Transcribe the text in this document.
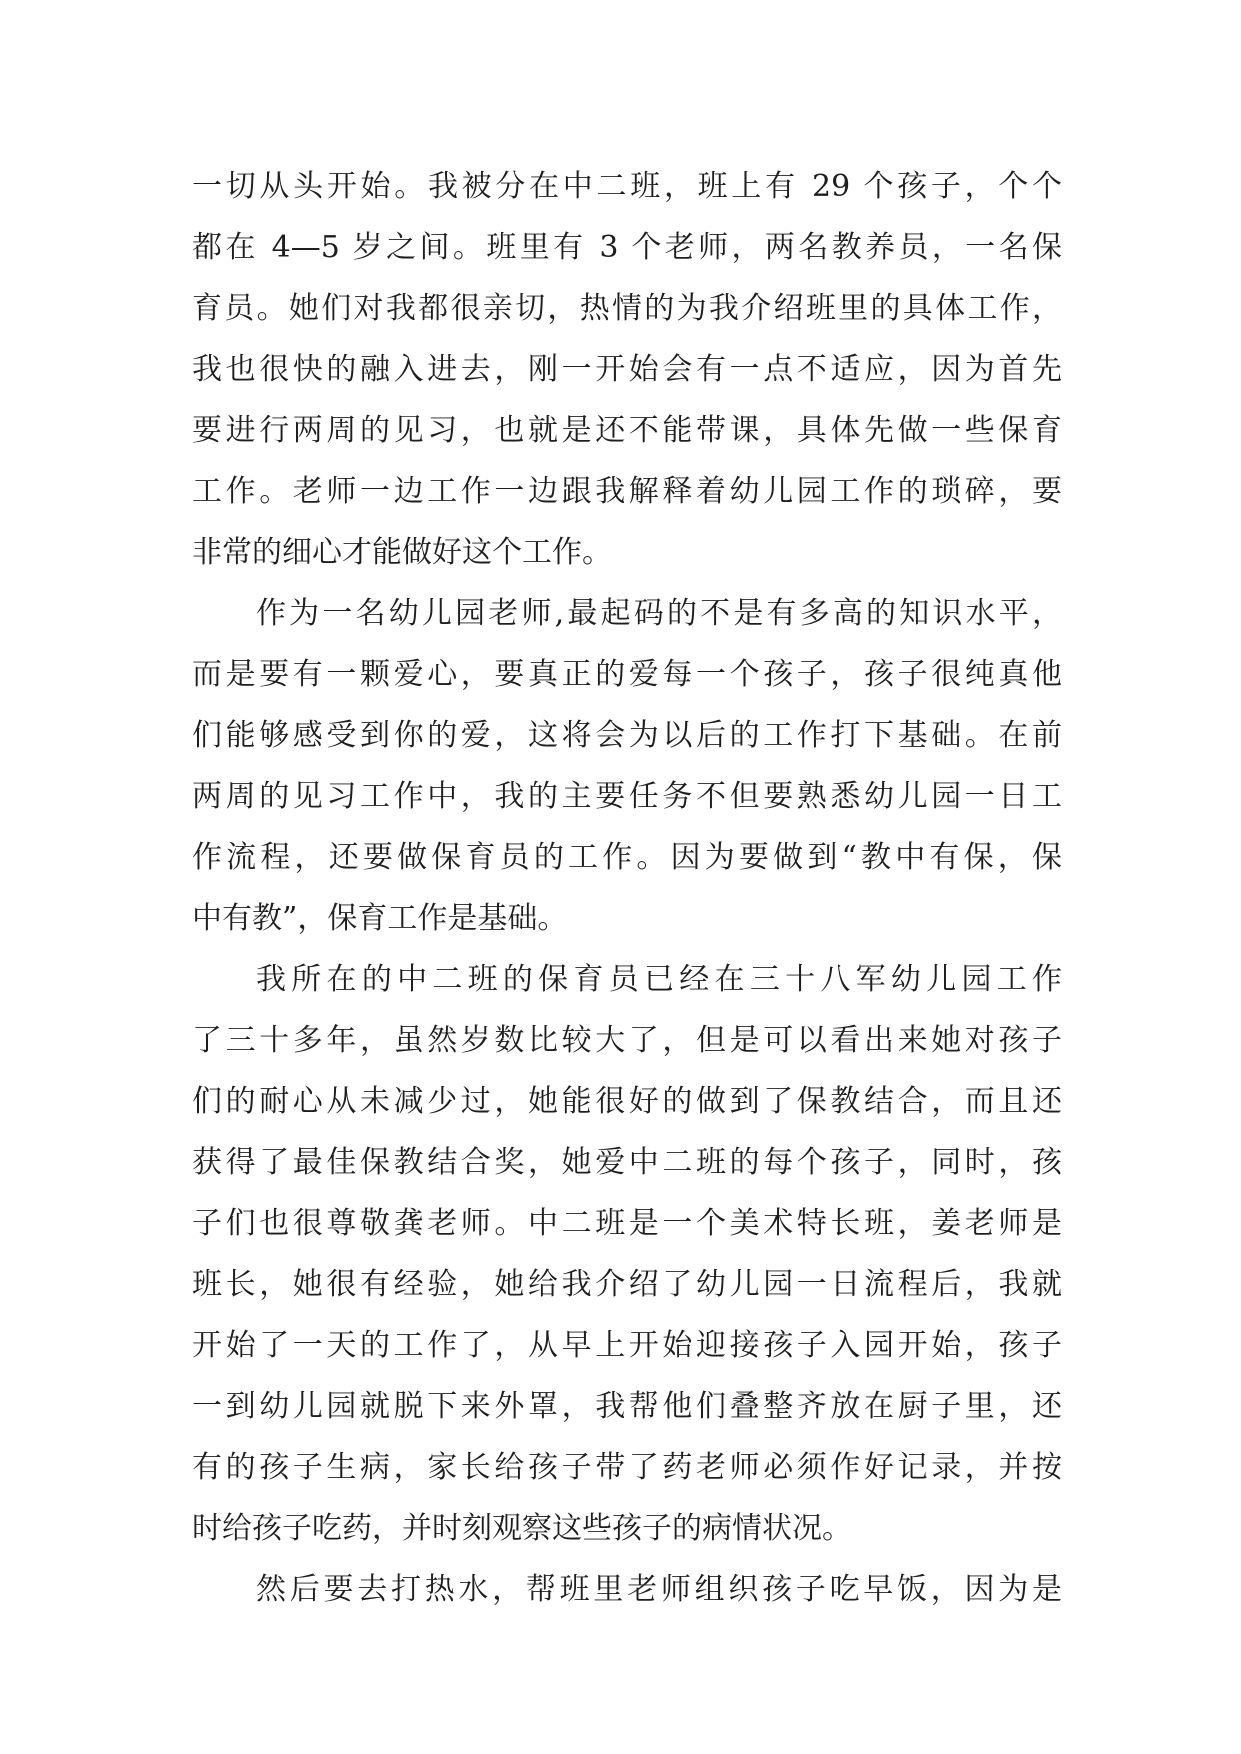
一切从头开始。我被分在中二班，班上有 29 个孩子，个个
都在 4—5 岁之间。班里有 3 个老师，两名教养员，一名保
育员。她们对我都很亲切，热情的为我介绍班里的具体工作，
我也很快的融入进去，刚一开始会有一点不适应，因为首先
要进行两周的见习，也就是还不能带课，具体先做一些保育
工作。老师一边工作一边跟我解释着幼儿园工作的琐碎，要
非常的细心才能做好这个工作。
作为一名幼儿园老师,最起码的不是有多高的知识水平，
而是要有一颗爱心，要真正的爱每一个孩子，孩子很纯真他
们能够感受到你的爱，这将会为以后的工作打下基础。在前
两周的见习工作中，我的主要任务不但要熟悉幼儿园一日工
作流程，还要做保育员的工作。因为要做到“教中有保，保
中有教”，保育工作是基础。
我所在的中二班的保育员已经在三十八军幼儿园工作
了三十多年，虽然岁数比较大了，但是可以看出来她对孩子
们的耐心从未减少过，她能很好的做到了保教结合，而且还
获得了最佳保教结合奖，她爱中二班的每个孩子，同时，孩
子们也很尊敬龚老师。中二班是一个美术特长班，姜老师是
班长，她很有经验，她给我介绍了幼儿园一日流程后，我就
开始了一天的工作了，从早上开始迎接孩子入园开始，孩子
一到幼儿园就脱下来外罩，我帮他们叠整齐放在厨子里，还
有的孩子生病，家长给孩子带了药老师必须作好记录，并按
时给孩子吃药，并时刻观察这些孩子的病情状况。
然后要去打热水，帮班里老师组织孩子吃早饭，因为是
